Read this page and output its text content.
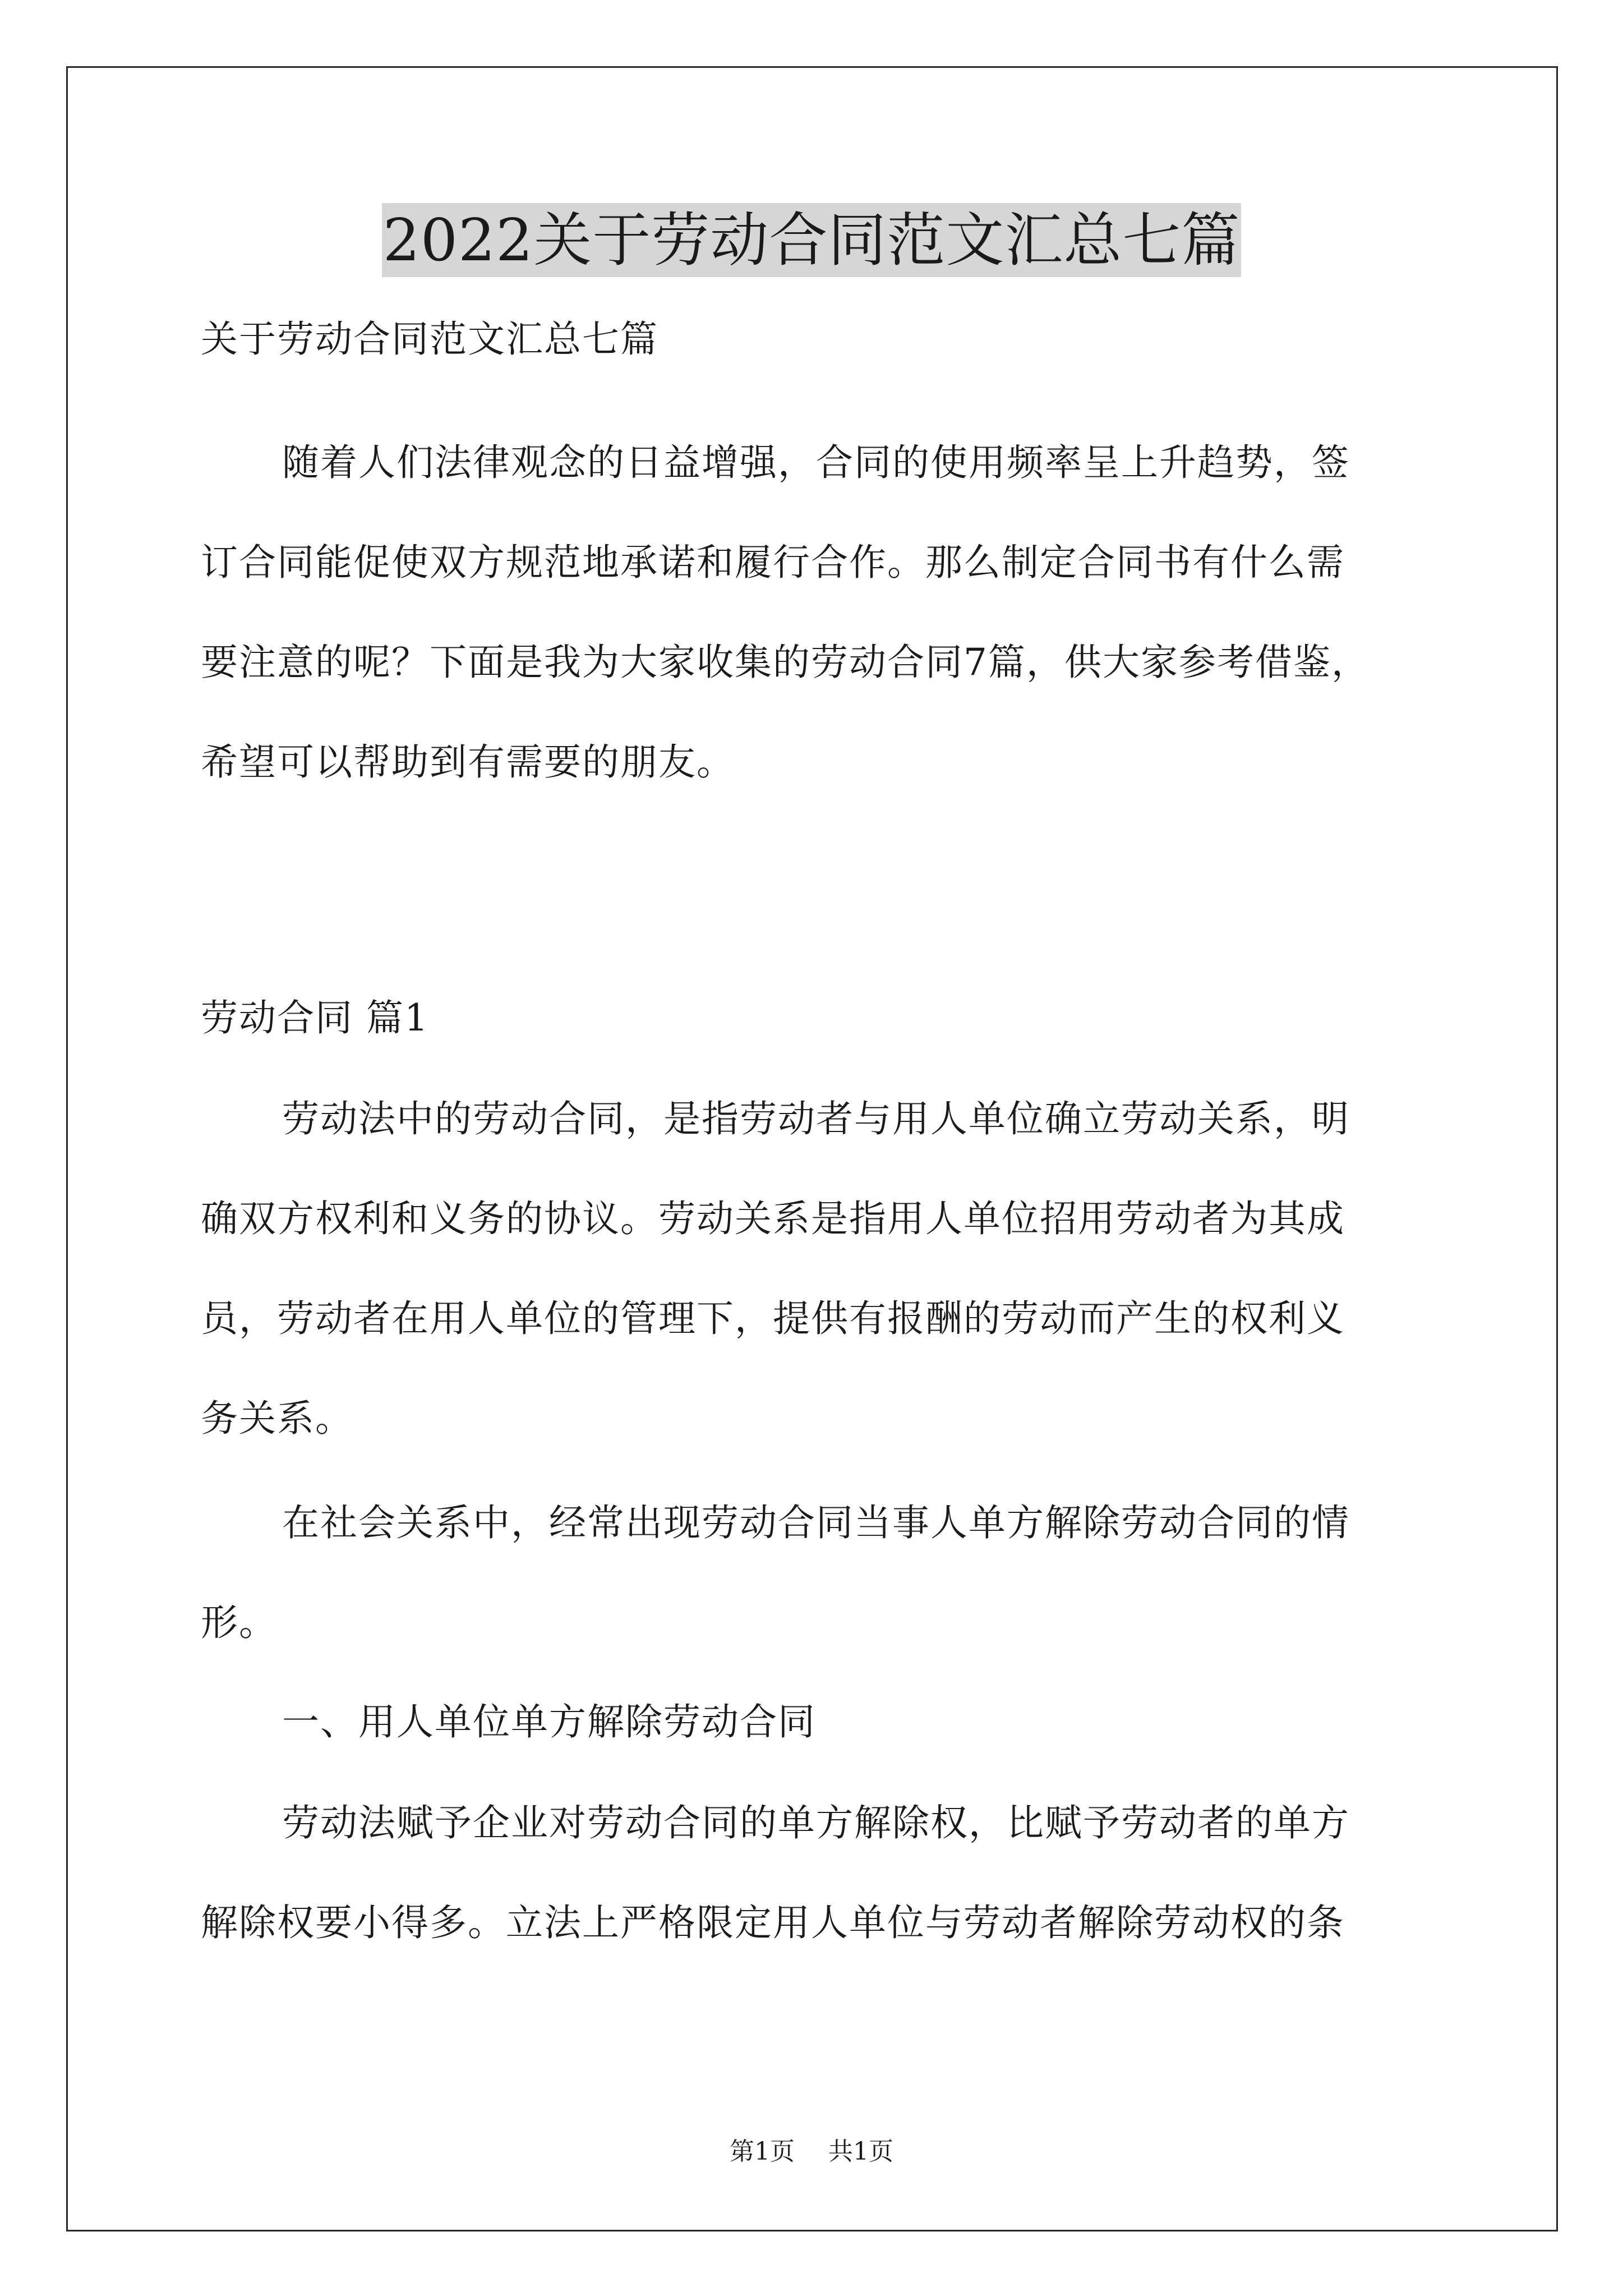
2022关于劳动合同范文汇总七篇
关于劳动合同范文汇总七篇
随着人们法律观念的日益增强，合同的使用频率呈上升趋势，签
订合同能促使双方规范地承诺和履行合作。那么制定合同书有什么需
要注意的呢？下面是我为大家收集的劳动合同7篇，供大家参考借鉴，
希望可以帮助到有需要的朋友。
劳动合同 篇1
劳动法中的劳动合同，是指劳动者与用人单位确立劳动关系，明
确双方权利和义务的协议。劳动关系是指用人单位招用劳动者为其成
员，劳动者在用人单位的管理下，提供有报酬的劳动而产生的权利义
务关系。
在社会关系中，经常出现劳动合同当事人单方解除劳动合同的情
形。
一、用人单位单方解除劳动合同
劳动法赋予企业对劳动合同的单方解除权，比赋予劳动者的单方
解除权要小得多。立法上严格限定用人单位与劳动者解除劳动权的条
第1页 共1页
